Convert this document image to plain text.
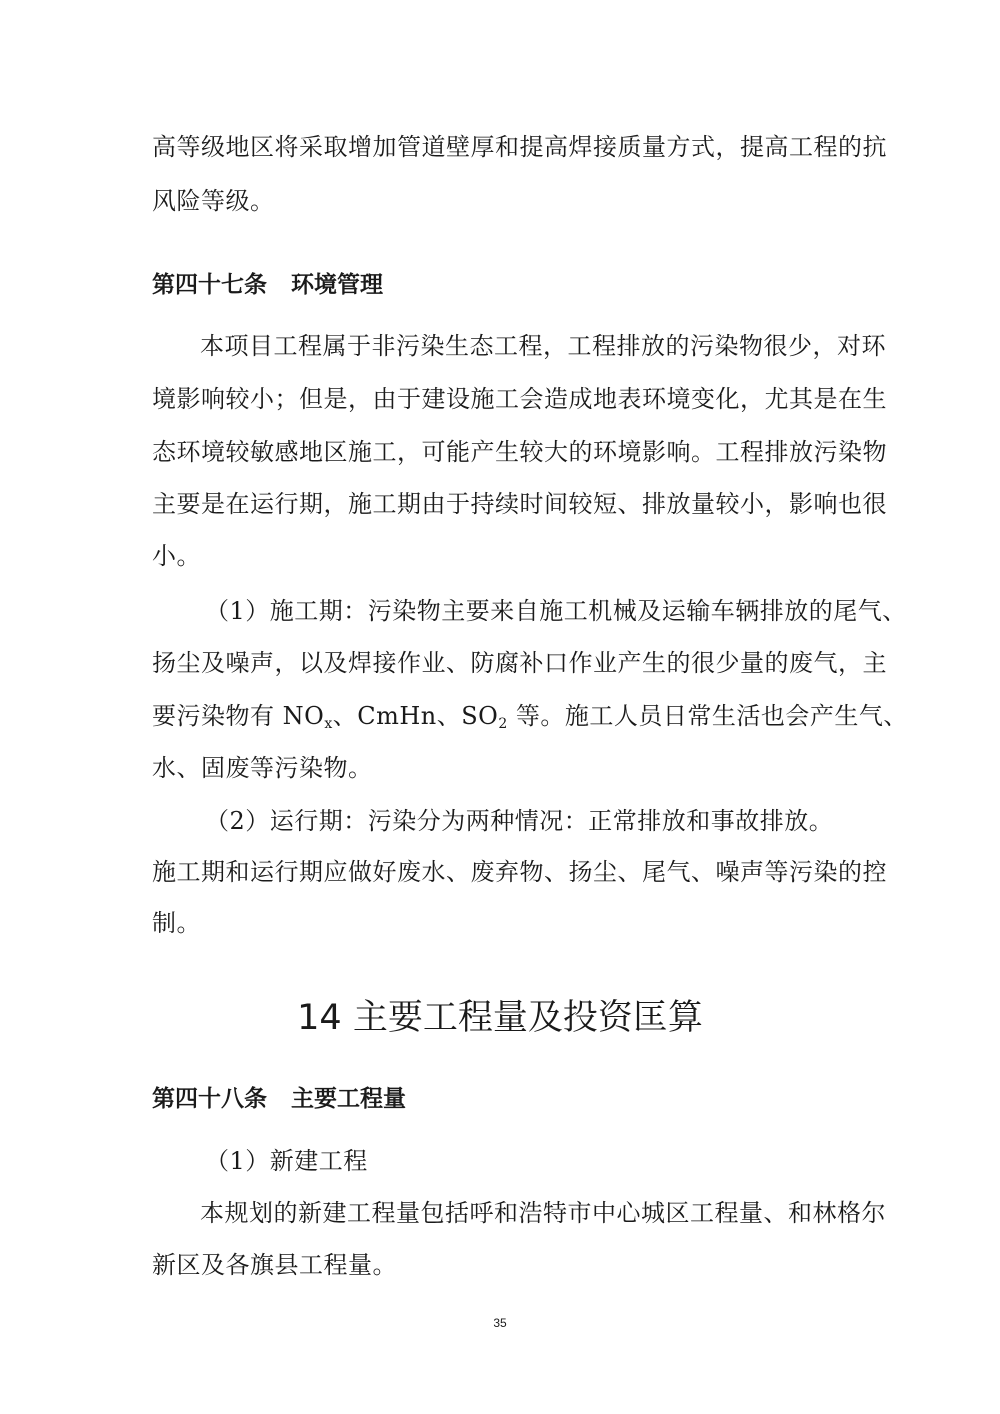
高等级地区将采取增加管道壁厚和提高焊接质量方式，提高工程的抗
风险等级。
第四十七条 环境管理
本项目工程属于非污染生态工程，工程排放的污染物很少，对环
境影响较小；但是，由于建设施工会造成地表环境变化，尤其是在生
态环境较敏感地区施工，可能产生较大的环境影响。工程排放污染物
主要是在运行期，施工期由于持续时间较短、排放量较小，影响也很
小。
（1）施工期：污染物主要来自施工机械及运输车辆排放的尾气、
扬尘及噪声，以及焊接作业、防腐补口作业产生的很少量的废气，主
要污染物有 $NO_x$、CmHn、$SO_2$ 等。施工人员日常生活也会产生气、
水、固废等污染物。
（2）运行期：污染分为两种情况：正常排放和事故排放。
施工期和运行期应做好废水、废弃物、扬尘、尾气、噪声等污染的控
制。
14 主要工程量及投资匡算
第四十八条 主要工程量
（1）新建工程
本规划的新建工程量包括呼和浩特市中心城区工程量、和林格尔
新区及各旗县工程量。
35
